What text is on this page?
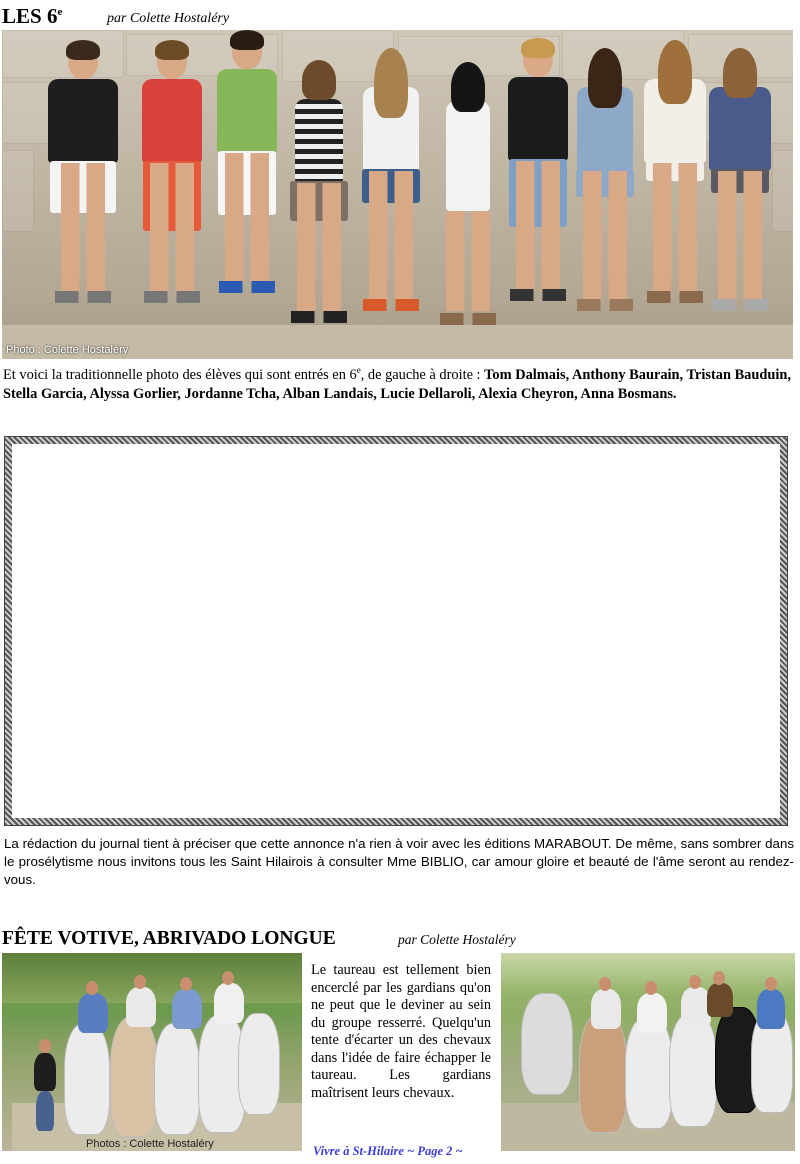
LES 6e	par Colette Hostaléry
Photo : Colette Hostaléry
Et voici la traditionnelle photo des élèves qui sont entrés en 6e, de gauche à droite : Tom Dalmais, Anthony Baurain, Tristan Bauduin, Stella Garcia, Alyssa Gorlier, Jordanne Tcha, Alban Landais, Lucie Dellaroli, Alexia Cheyron, Anna Bosmans.
La rédaction du journal tient à préciser que cette annonce n'a rien à voir avec les éditions MARABOUT. De même, sans sombrer dans le prosélytisme nous invitons tous les Saint Hilairois à consulter Mme BIBLIO, car amour gloire et beauté de l'âme seront au rendez-vous.
FÊTE VOTIVE, ABRIVADO LONGUE	par Colette Hostaléry
Photos : Colette Hostaléry
Le taureau est tellement bien encerclé par les gardians qu'on ne peut que le deviner au sein du groupe resserré. Quelqu'un tente d'écarter un des chevaux dans l'idée de faire échapper le taureau. Les gardians maîtrisent leurs chevaux.
Vivre à St-Hilaire ~ Page 2 ~
